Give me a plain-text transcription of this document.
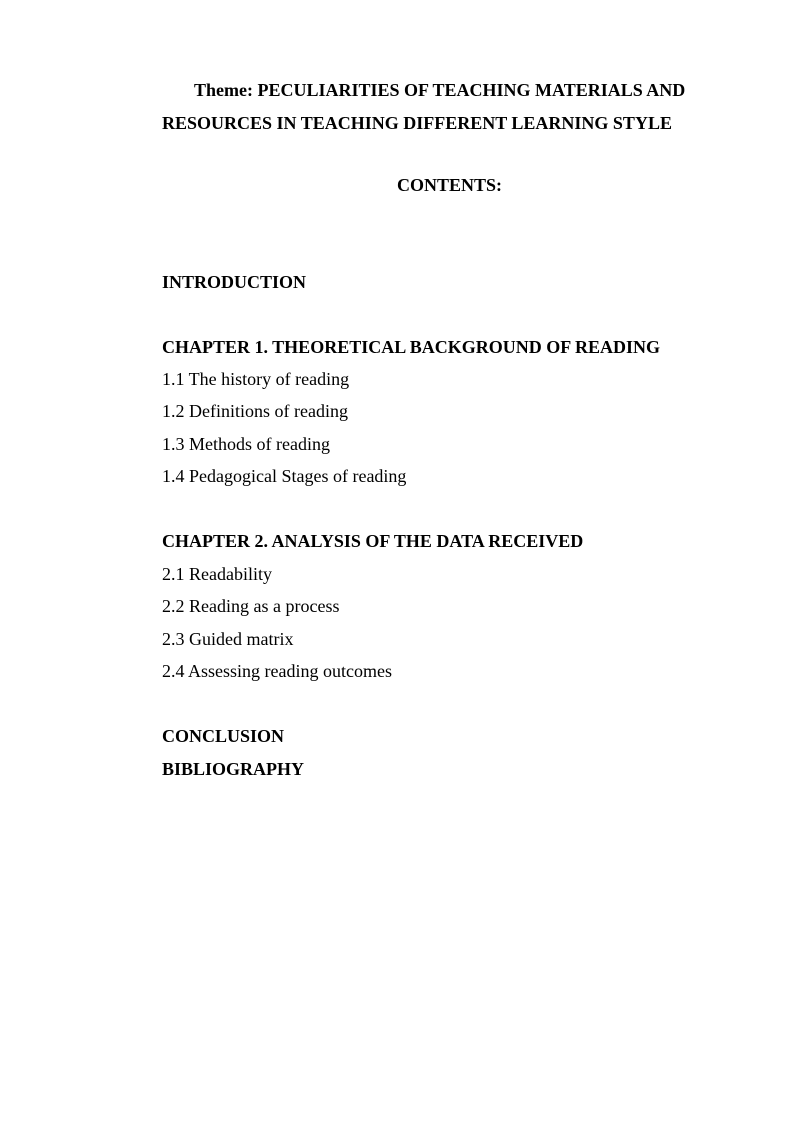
Theme: PECULIARITIES OF TEACHING MATERIALS AND
RESOURCES IN TEACHING DIFFERENT LEARNING STYLE

CONTENTS:

INTRODUCTION

CHAPTER 1. THEORETICAL BACKGROUND OF READING

1.1 The history of reading

1.2 Definitions of reading

1.3 Methods of reading

1.4 Pedagogical Stages of reading

CHAPTER 2. ANALYSIS OF THE DATA RECEIVED

2.1 Readability

2.2 Reading as a process

2.3 Guided matrix

2.4 Assessing reading outcomes

CONCLUSION

BIBLIOGRAPHY
